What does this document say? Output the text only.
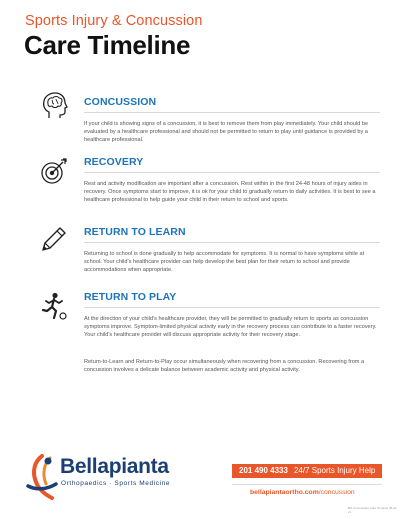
Sports Injury & Concussion
Care Timeline
CONCUSSION
If your child is showing signs of a concussion, it is best to remove them from play immediately. Your child should be evaluated by a healthcare professional and should not be permitted to return to play until guidance is provided by a healthcare professional.
RECOVERY
Rest and activity modification are important after a concussion. Rest within in the first 24-48 hours of injury aides in recovery. Once symptoms start to improve, it is ok for your child to gradually return to daily activities. It is best to see a healthcare professional to help guide your child in their return to school and sports.
RETURN TO LEARN
Returning to school is done gradually to help accommodate for symptoms. It is normal to have symptoms while at school. Your child's healthcare provider can help develop the best plan for their return to school and provide accommodations when appropriate.
RETURN TO PLAY
At the direction of your child's healthcare provider, they will be permitted to gradually return to sports as concussion symptoms improve. Symptom-limited physical activity early in the recovery process can contribute to a faster recovery. Your child's healthcare provider will discuss appropriate activity for their recovery stage.
Return-to-Learn and Return-to-Play occur simultaneously when recovering from a concussion. Recovering from a concussion involves a delicate balance between academic activity and physical activity.
Bellapianta
Orthopaedics · Sports Medicine
201 490 4333 24/7 Sports Injury Help
bellapiantaortho.com/concussion
BO Concussion Care Timeline 06.22 v1
